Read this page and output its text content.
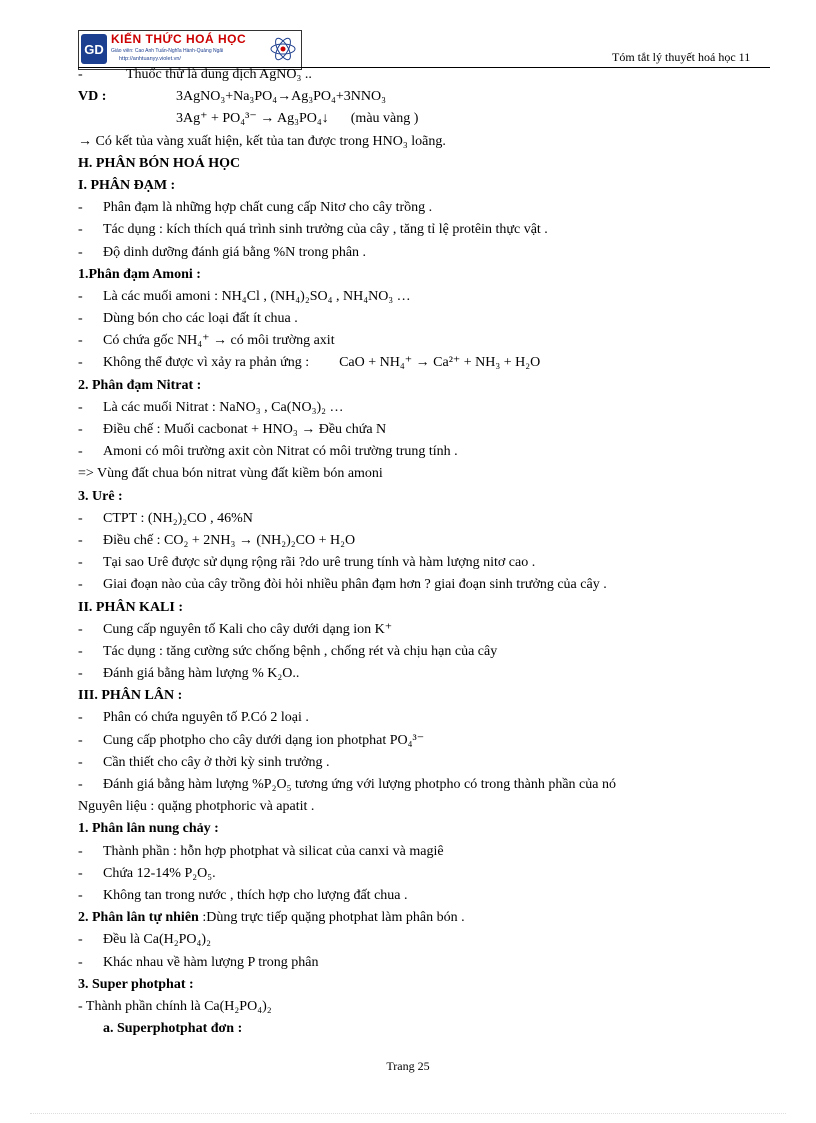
GD
KIẾN THỨC HOÁ HỌC
Giáo viên: Cao Anh Tuấn-Nghĩa Hành-Quảng Ngãi
http://anhtuanyy.violet.vn/	Tóm tắt lý thuyết hoá học 11
-	Thuốc thử là dung dịch AgNO₃ ..
VD :	3AgNO₃+Na₃PO₄→Ag₃PO₄+3NNO₃
3Ag⁺ + PO₄³⁻ → Ag₃PO₄↓ (màu vàng )
→ Có kết tủa vàng xuất hiện, kết tủa tan được trong HNO₃ loãng.
H. PHÂN BÓN HOÁ HỌC
I. PHÂN ĐẠM :
- Phân đạm là những hợp chất cung cấp Nitơ cho cây trồng .
- Tác dụng : kích thích quá trình sinh trưởng của cây , tăng tỉ lệ protêin thực vật .
- Độ dinh dưỡng đánh giá bằng %N trong phân .
1.Phân đạm Amoni :
- Là các muối amoni : NH₄Cl , (NH₄)₂SO₄ , NH₄NO₃ …
- Dùng bón cho các loại đất ít chua .
- Có chứa gốc NH₄⁺ → có môi trường axit
- Không thể được vì xảy ra phản ứng : CaO + NH₄⁺ → Ca²⁺ + NH₃ + H₂O
2. Phân đạm Nitrat :
- Là các muối Nitrat : NaNO₃ , Ca(NO₃)₂ …
- Điều chế : Muối cacbonat + HNO₃ → Đều chứa N
- Amoni có môi trường axit còn Nitrat có môi trường trung tính .
=> Vùng đất chua bón nitrat vùng đất kiềm bón amoni
3. Urê :
- CTPT : (NH₂)₂CO , 46%N
- Điều chế : CO₂ + 2NH₃ → (NH₂)₂CO + H₂O
- Tại sao Urê được sử dụng rộng rãi ?do urê trung tính và hàm lượng nitơ cao .
- Giai đoạn nào của cây trồng đòi hỏi nhiều phân đạm hơn ? giai đoạn sinh trưởng của cây .
II. PHÂN KALI :
- Cung cấp nguyên tố Kali cho cây dưới dạng ion K⁺
- Tác dụng : tăng cường sức chống bệnh , chống rét và chịu hạn của cây
- Đánh giá bằng hàm lượng % K₂O..
III. PHÂN LÂN :
- Phân có chứa nguyên tố P.Có 2 loại .
- Cung cấp photpho cho cây dưới dạng ion photphat PO₄³⁻
- Cần thiết cho cây ở thời kỳ sinh trưởng .
- Đánh giá bằng hàm lượng %P₂O₅ tương ứng với lượng photpho có trong thành phần của nó
Nguyên liệu : quặng photphoric và apatit .
1. Phân lân nung chảy :
- Thành phần : hỗn hợp photphat và silicat của canxi và magiê
- Chứa 12-14% P₂O₅.
- Không tan trong nước , thích hợp cho lượng đất chua .
2. Phân lân tự nhiên :Dùng trực tiếp quặng photphat làm phân bón .
- Đều là Ca(H₂PO₄)₂
- Khác nhau về hàm lượng P trong phân
3. Super photphat :
- Thành phần chính là Ca(H₂PO₄)₂
a. Superphotphat đơn :
Trang 25
